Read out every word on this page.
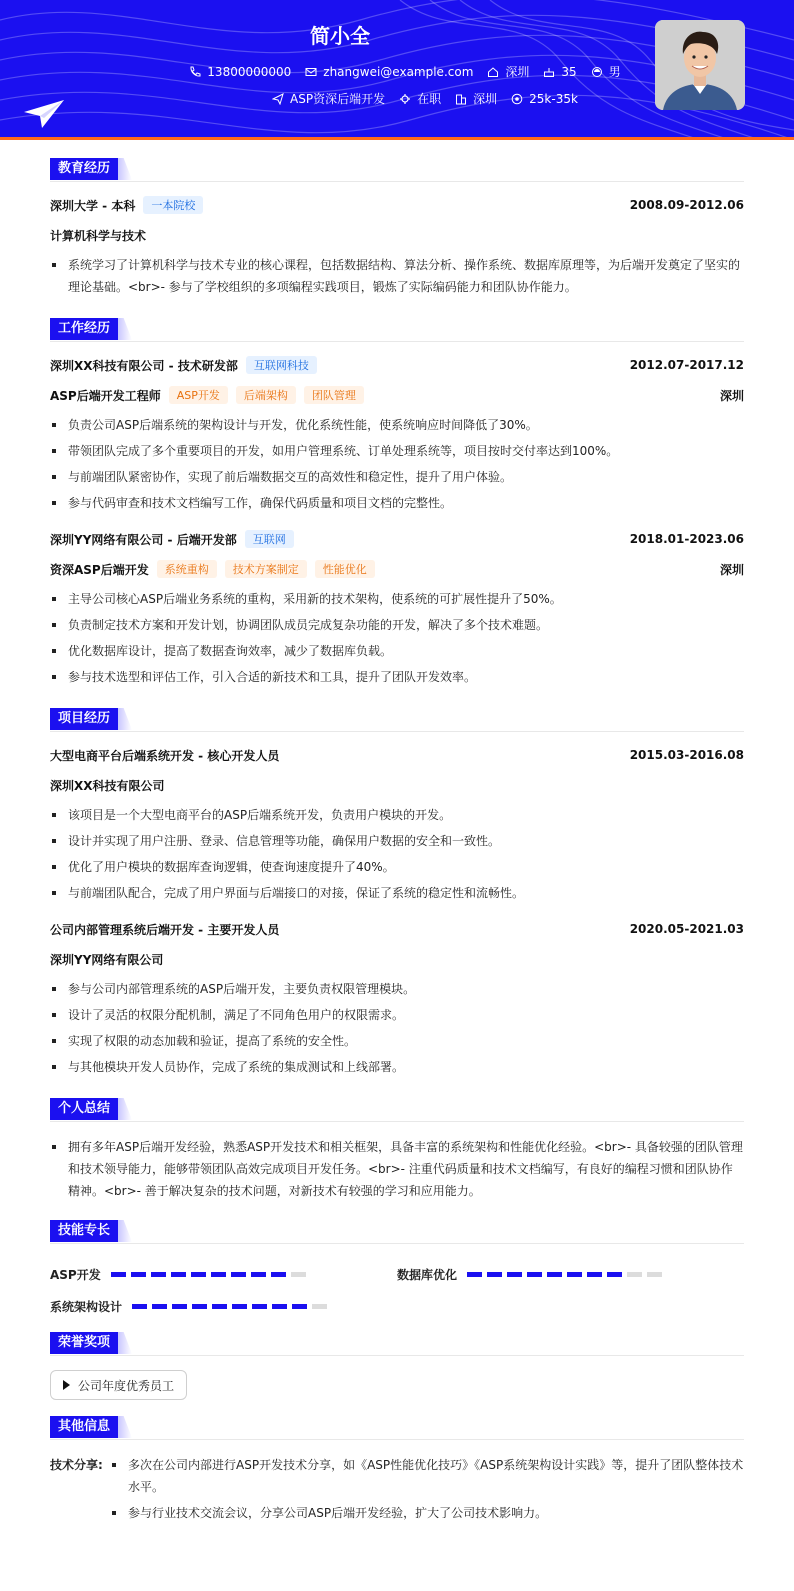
简小全
13800000000	zhangwei@example.com	深圳	35	男
ASP资深后端开发	在职	深圳	25k-35k
教育经历
深圳大学 - 本科	一本院校	2008.09-2012.06
计算机科学与技术
系统学习了计算机科学与技术专业的核心课程，包括数据结构、算法分析、操作系统、数据库原理等，为后端开发奠定了坚实的理论基础。<br>- 参与了学校组织的多项编程实践项目，锻炼了实际编码能力和团队协作能力。
工作经历
深圳XX科技有限公司 - 技术研发部	互联网科技	2012.07-2017.12
ASP后端开发工程师	ASP开发	后端架构	团队管理	深圳
负责公司ASP后端系统的架构设计与开发，优化系统性能，使系统响应时间降低了30%。
带领团队完成了多个重要项目的开发，如用户管理系统、订单处理系统等，项目按时交付率达到100%。
与前端团队紧密协作，实现了前后端数据交互的高效性和稳定性，提升了用户体验。
参与代码审查和技术文档编写工作，确保代码质量和项目文档的完整性。
深圳YY网络有限公司 - 后端开发部	互联网	2018.01-2023.06
资深ASP后端开发	系统重构	技术方案制定	性能优化	深圳
主导公司核心ASP后端业务系统的重构，采用新的技术架构，使系统的可扩展性提升了50%。
负责制定技术方案和开发计划，协调团队成员完成复杂功能的开发，解决了多个技术难题。
优化数据库设计，提高了数据查询效率，减少了数据库负载。
参与技术选型和评估工作，引入合适的新技术和工具，提升了团队开发效率。
项目经历
大型电商平台后端系统开发 - 核心开发人员	2015.03-2016.08
深圳XX科技有限公司
该项目是一个大型电商平台的ASP后端系统开发，负责用户模块的开发。
设计并实现了用户注册、登录、信息管理等功能，确保用户数据的安全和一致性。
优化了用户模块的数据库查询逻辑，使查询速度提升了40%。
与前端团队配合，完成了用户界面与后端接口的对接，保证了系统的稳定性和流畅性。
公司内部管理系统后端开发 - 主要开发人员	2020.05-2021.03
深圳YY网络有限公司
参与公司内部管理系统的ASP后端开发，主要负责权限管理模块。
设计了灵活的权限分配机制，满足了不同角色用户的权限需求。
实现了权限的动态加载和验证，提高了系统的安全性。
与其他模块开发人员协作，完成了系统的集成测试和上线部署。
个人总结
拥有多年ASP后端开发经验，熟悉ASP开发技术和相关框架，具备丰富的系统架构和性能优化经验。<br>- 具备较强的团队管理和技术领导能力，能够带领团队高效完成项目开发任务。<br>- 注重代码质量和技术文档编写，有良好的编程习惯和团队协作精神。<br>- 善于解决复杂的技术问题，对新技术有较强的学习和应用能力。
技能专长
ASP开发	数据库优化
系统架构设计
荣誉奖项
公司年度优秀员工
其他信息
技术分享:	多次在公司内部进行ASP开发技术分享，如《ASP性能优化技巧》《ASP系统架构设计实践》等，提升了团队整体技术水平。
参与行业技术交流会议，分享公司ASP后端开发经验，扩大了公司技术影响力。
